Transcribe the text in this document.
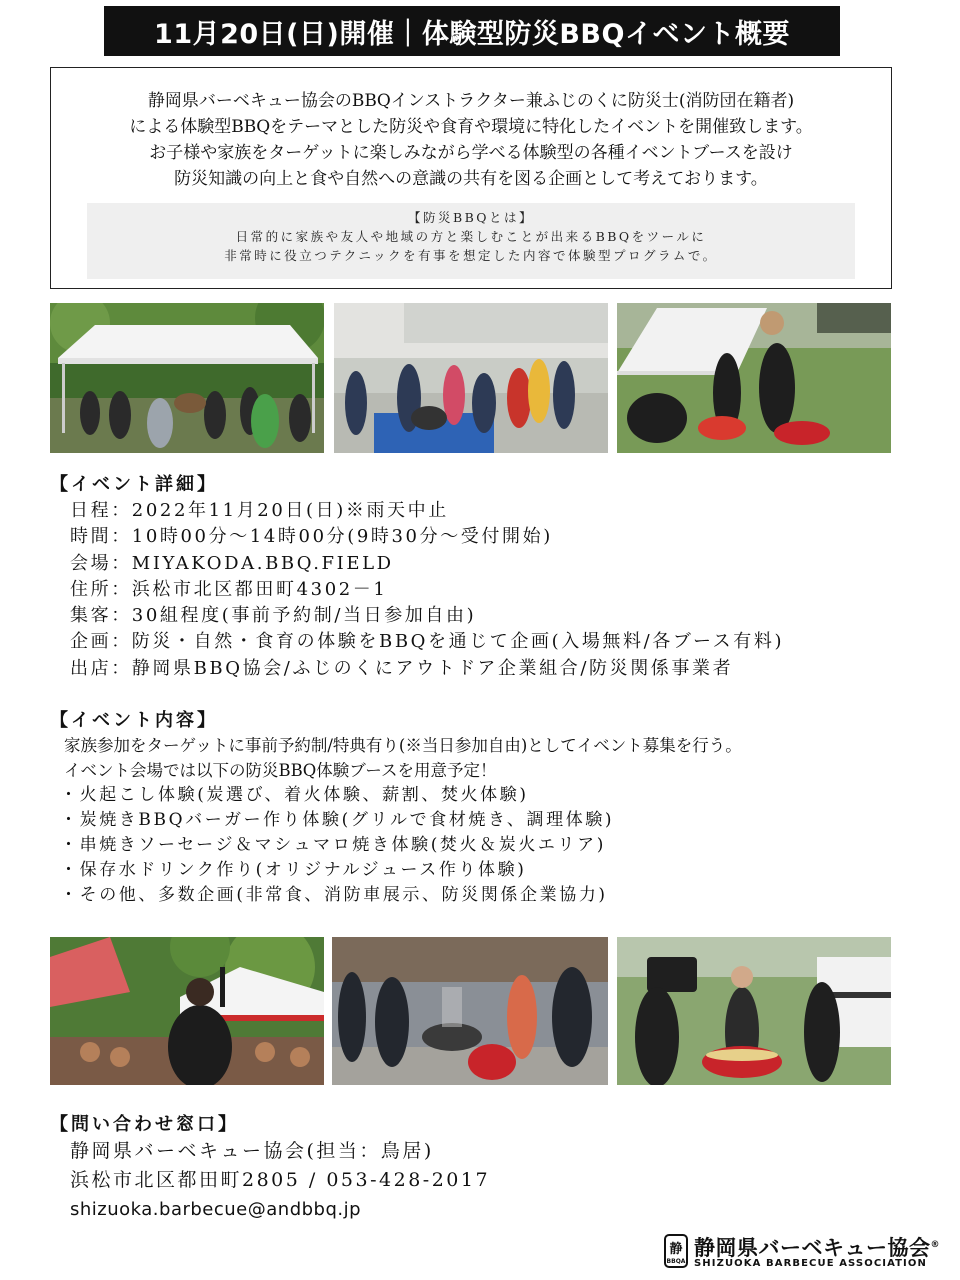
11月20日(日)開催｜体験型防災BBQイベント概要
静岡県バーベキュー協会のBBQインストラクター兼ふじのくに防災士(消防団在籍者)
による体験型BBQをテーマとした防災や食育や環境に特化したイベントを開催致します。
お子様や家族をターゲットに楽しみながら学べる体験型の各種イベントブースを設け
防災知識の向上と食や自然への意識の共有を図る企画として考えております。
【防災BBQとは】
日常的に家族や友人や地域の方と楽しむことが出来るBBQをツールに
非常時に役立つテクニックを有事を想定した内容で体験型プログラムで。
【イベント詳細】
日程：2022年11月20日(日)※雨天中止
時間：10時00分～14時00分(9時30分～受付開始)
会場：MIYAKODA.BBQ.FIELD
住所：浜松市北区都田町4302－1
集客：30組程度(事前予約制/当日参加自由)
企画：防災・自然・食育の体験をBBQを通じて企画(入場無料/各ブース有料)
出店：静岡県BBQ協会/ふじのくにアウトドア企業組合/防災関係事業者
【イベント内容】
家族参加をターゲットに事前予約制/特典有り(※当日参加自由)としてイベント募集を行う。
イベント会場では以下の防災BBQ体験ブースを用意予定！
・火起こし体験(炭選び、着火体験、薪割、焚火体験)
・炭焼きBBQバーガー作り体験(グリルで食材焼き、調理体験)
・串焼きソーセージ＆マシュマロ焼き体験(焚火＆炭火エリア)
・保存水ドリンク作り(オリジナルジュース作り体験)
・その他、多数企画(非常食、消防車展示、防災関係企業協力)
【問い合わせ窓口】
静岡県バーベキュー協会(担当：鳥居)
浜松市北区都田町2805 / 053-428-2017
shizuoka.barbecue@andbbq.jp
静
BBQA
静岡県バーベキュー協会®
SHIZUOKA BARBECUE ASSOCIATION
